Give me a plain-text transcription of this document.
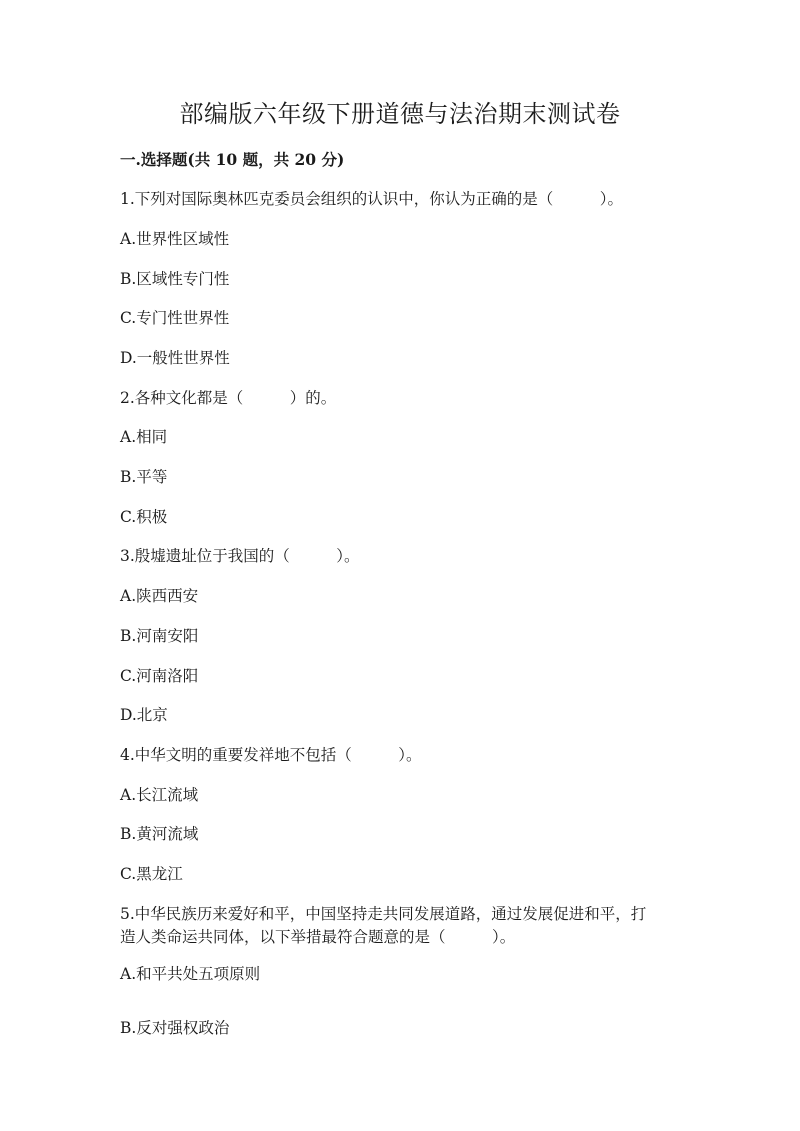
部编版六年级下册道德与法治期末测试卷
一.选择题(共 10 题，共 20 分)
1.下列对国际奥林匹克委员会组织的认识中，你认为正确的是（　　　）。
A.世界性区域性
B.区域性专门性
C.专门性世界性
D.一般性世界性
2.各种文化都是（　　　）的。
A.相同
B.平等
C.积极
3.殷墟遗址位于我国的（　　　）。
A.陕西西安
B.河南安阳
C.河南洛阳
D.北京
4.中华文明的重要发祥地不包括（　　　）。
A.长江流域
B.黄河流域
C.黑龙江
5.中华民族历来爱好和平，中国坚持走共同发展道路，通过发展促进和平，打
造人类命运共同体，以下举措最符合题意的是（　　　）。
A.和平共处五项原则
B.反对强权政治
